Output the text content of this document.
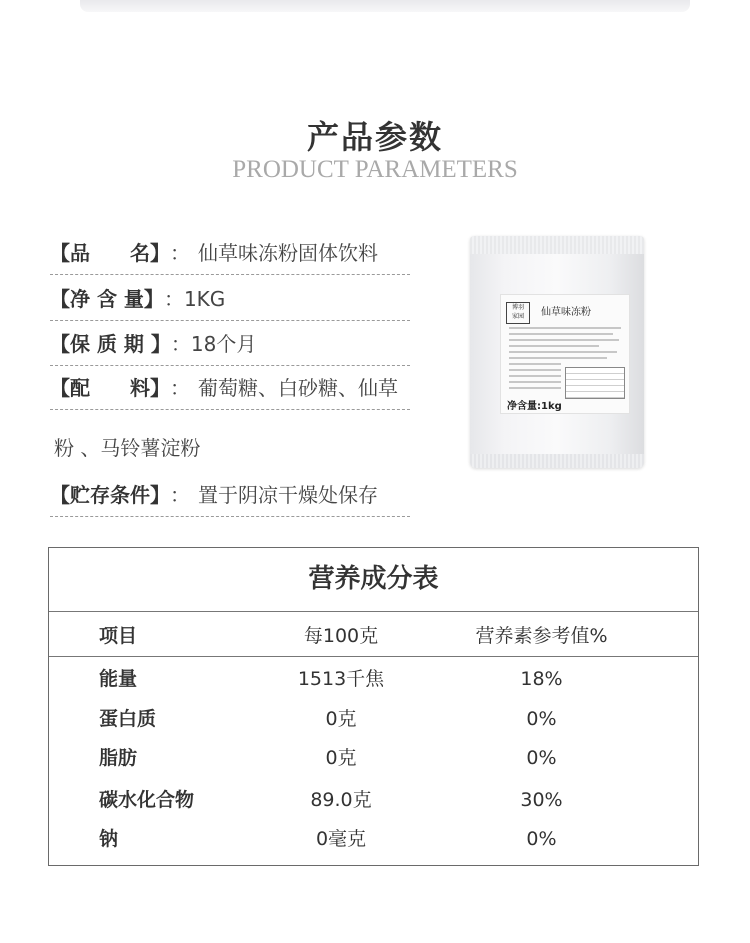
产品参数
PRODUCT PARAMETERS
【品　　名】： 仙草味冻粉固体饮料
【净 含 量】：1KG
【保 质 期 】：18个月
【配　　料】： 葡萄糖、白砂糖、仙草
粉 、马铃薯淀粉
【贮存条件】： 置于阴凉干燥处保存
博羽
家园	仙草味冻粉
净含量:1kg
营养成分表
项目	每100克	营养素参考值%
能量	1513千焦	18%
蛋白质	0克	0%
脂肪	0克	0%
碳水化合物	89.0克	30%
钠	0毫克	0%
